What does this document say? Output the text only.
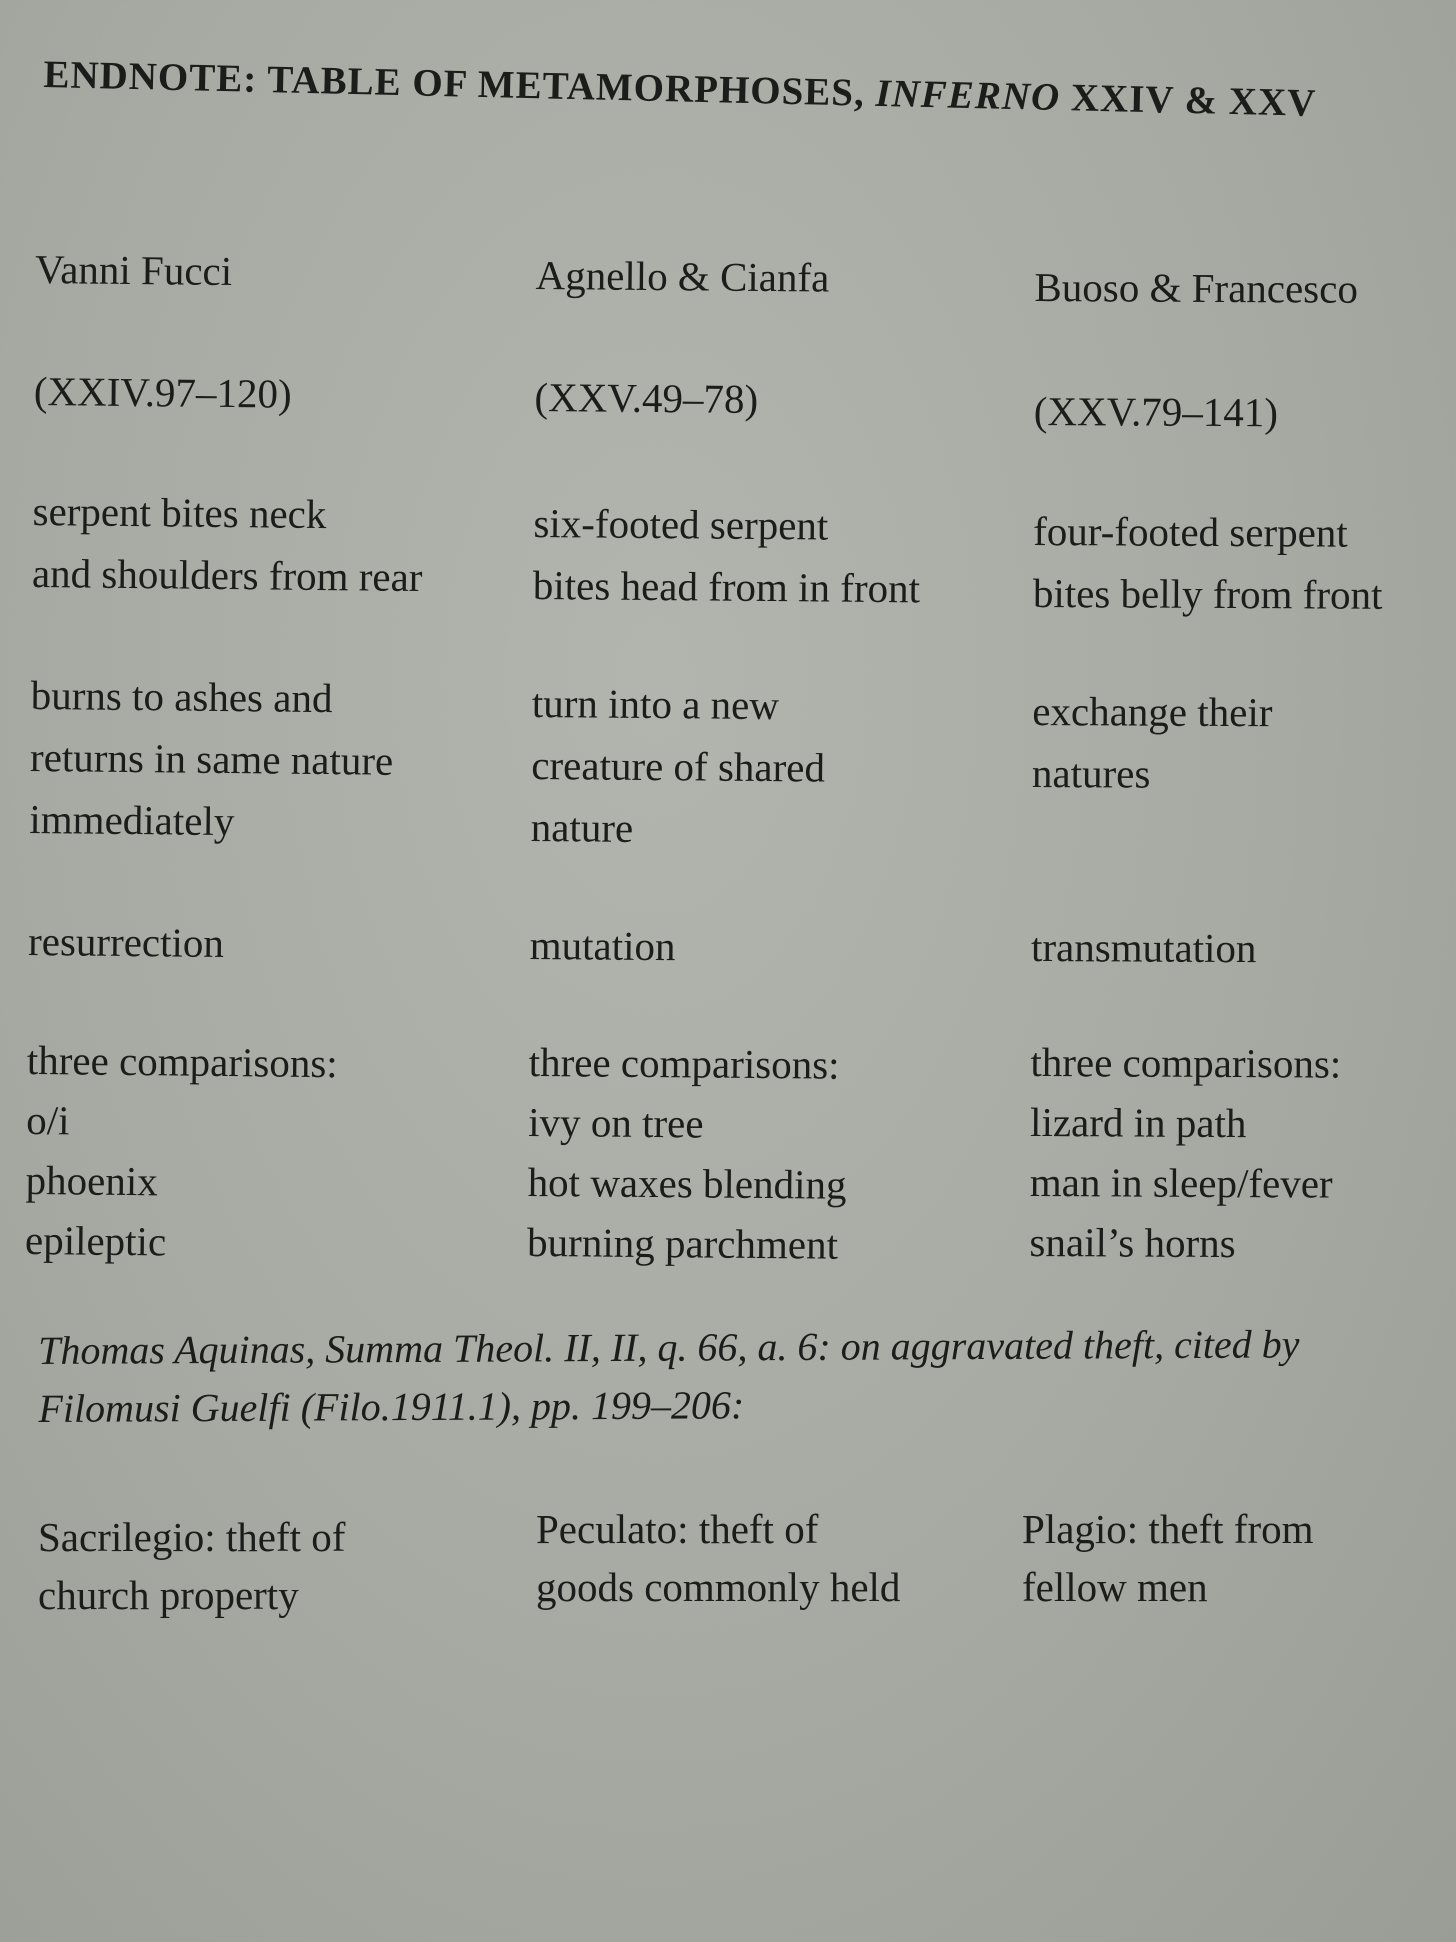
ENDNOTE: TABLE OF METAMORPHOSES, INFERNO XXIV & XXV
Vanni Fucci
(XXIV.97–120)
serpent bites neck
and shoulders from rear
burns to ashes and
returns in same nature
immediately
resurrection
three comparisons:
o/i
phoenix
epileptic
Agnello & Cianfa
(XXV.49–78)
six-footed serpent
bites head from in front
turn into a new
creature of shared
nature
mutation
three comparisons:
ivy on tree
hot waxes blending
burning parchment
Buoso & Francesco
(XXV.79–141)
four-footed serpent
bites belly from front
exchange their
natures
transmutation
three comparisons:
lizard in path
man in sleep/fever
snail’s horns
Thomas Aquinas, Summa Theol. II, II, q. 66, a. 6: on aggravated theft, cited by
Filomusi Guelfi (Filo.1911.1), pp. 199–206:
Sacrilegio: theft of
church property
Peculato: theft of
goods commonly held
Plagio: theft from
fellow men
